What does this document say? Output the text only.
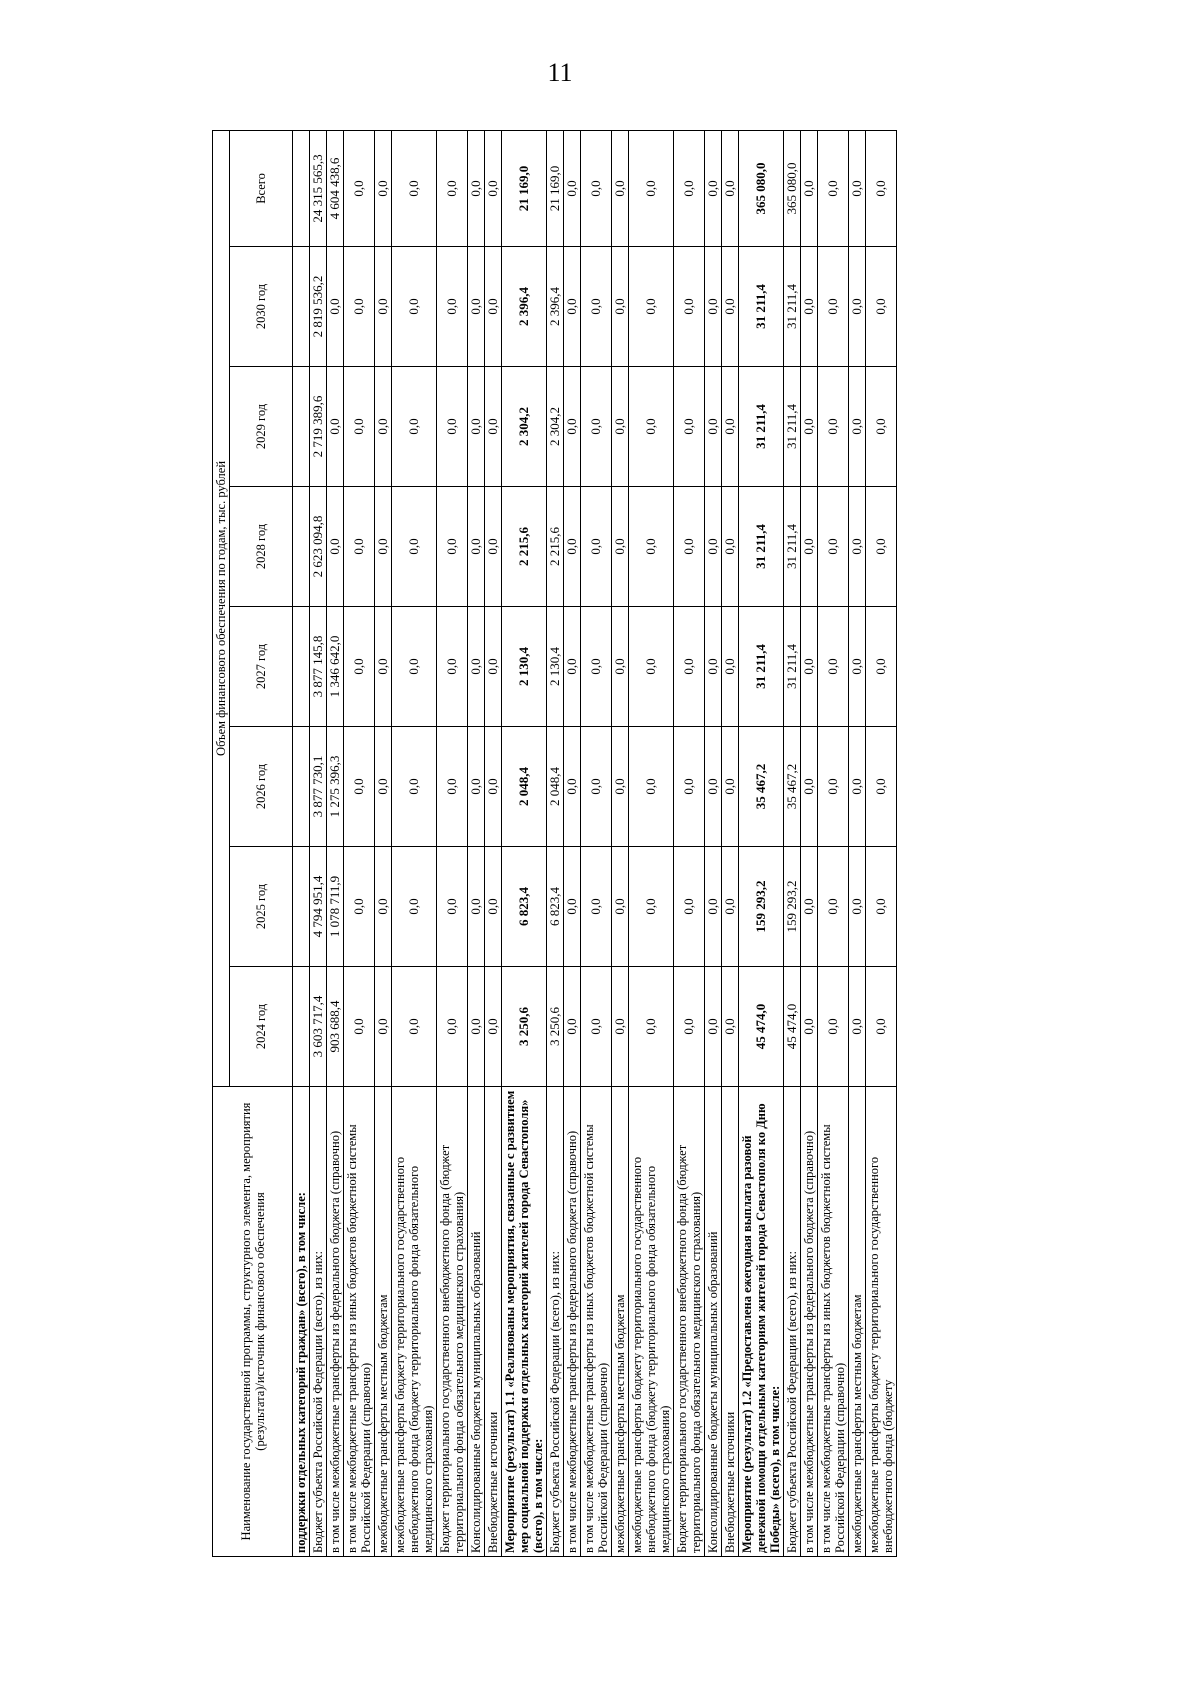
11
Наименование государственной программы, структурного элемента, мероприятия (результата)/источник финансового обеспечения	Объем финансового обеспечения по годам, тыс. рублей							
	2024 год	2025 год	2026 год	2027 год	2028 год	2029 год	2030 год	Всего
поддержки отдельных категорий граждан» (всего), в том числе:								
Бюджет субъекта Российской Федерации (всего), из них:	3 603 717,4	4 794 951,4	3 877 730,1	3 877 145,8	2 623 094,8	2 719 389,6	2 819 536,2	24 315 565,3
в том числе межбюджетные трансферты из федерального бюджета (справочно)	903 688,4	1 078 711,9	1 275 396,3	1 346 642,0	0,0	0,0	0,0	4 604 438,6
в том числе межбюджетные трансферты из иных бюджетов бюджетной системы Российской Федерации (справочно)	0,0	0,0	0,0	0,0	0,0	0,0	0,0	0,0
межбюджетные трансферты местным бюджетам	0,0	0,0	0,0	0,0	0,0	0,0	0,0	0,0
межбюджетные трансферты бюджету территориального государственного внебюджетного фонда (бюджету территориального фонда обязательного медицинского страхования)	0,0	0,0	0,0	0,0	0,0	0,0	0,0	0,0
Бюджет территориального государственного внебюджетного фонда (бюджет территориального фонда обязательного медицинского страхования)	0,0	0,0	0,0	0,0	0,0	0,0	0,0	0,0
Консолидированные бюджеты муниципальных образований	0,0	0,0	0,0	0,0	0,0	0,0	0,0	0,0
Внебюджетные источники	0,0	0,0	0,0	0,0	0,0	0,0	0,0	0,0
Мероприятие (результат) 1.1 «Реализованы мероприятия, связанные с развитием мер социальной поддержки отдельных категорий жителей города Севастополя» (всего), в том числе:	3 250,6	6 823,4	2 048,4	2 130,4	2 215,6	2 304,2	2 396,4	21 169,0
Бюджет субъекта Российской Федерации (всего), из них:	3 250,6	6 823,4	2 048,4	2 130,4	2 215,6	2 304,2	2 396,4	21 169,0
в том числе межбюджетные трансферты из федерального бюджета (справочно)	0,0	0,0	0,0	0,0	0,0	0,0	0,0	0,0
в том числе межбюджетные трансферты из иных бюджетов бюджетной системы Российской Федерации (справочно)	0,0	0,0	0,0	0,0	0,0	0,0	0,0	0,0
межбюджетные трансферты местным бюджетам	0,0	0,0	0,0	0,0	0,0	0,0	0,0	0,0
межбюджетные трансферты бюджету территориального государственного внебюджетного фонда (бюджету территориального фонда обязательного медицинского страхования)	0,0	0,0	0,0	0,0	0,0	0,0	0,0	0,0
Бюджет территориального государственного внебюджетного фонда (бюджет территориального фонда обязательного медицинского страхования)	0,0	0,0	0,0	0,0	0,0	0,0	0,0	0,0
Консолидированные бюджеты муниципальных образований	0,0	0,0	0,0	0,0	0,0	0,0	0,0	0,0
Внебюджетные источники	0,0	0,0	0,0	0,0	0,0	0,0	0,0	0,0
Мероприятие (результат) 1.2 «Предоставлена ежегодная выплата разовой денежной помощи отдельным категориям жителей города Севастополя ко Дню Победы» (всего), в том числе:	45 474,0	159 293,2	35 467,2	31 211,4	31 211,4	31 211,4	31 211,4	365 080,0
Бюджет субъекта Российской Федерации (всего), из них:	45 474,0	159 293,2	35 467,2	31 211,4	31 211,4	31 211,4	31 211,4	365 080,0
в том числе межбюджетные трансферты из федерального бюджета (справочно)	0,0	0,0	0,0	0,0	0,0	0,0	0,0	0,0
в том числе межбюджетные трансферты из иных бюджетов бюджетной системы Российской Федерации (справочно)	0,0	0,0	0,0	0,0	0,0	0,0	0,0	0,0
межбюджетные трансферты местным бюджетам	0,0	0,0	0,0	0,0	0,0	0,0	0,0	0,0
межбюджетные трансферты бюджету территориального государственного внебюджетного фонда (бюджету	0,0	0,0	0,0	0,0	0,0	0,0	0,0	0,0
